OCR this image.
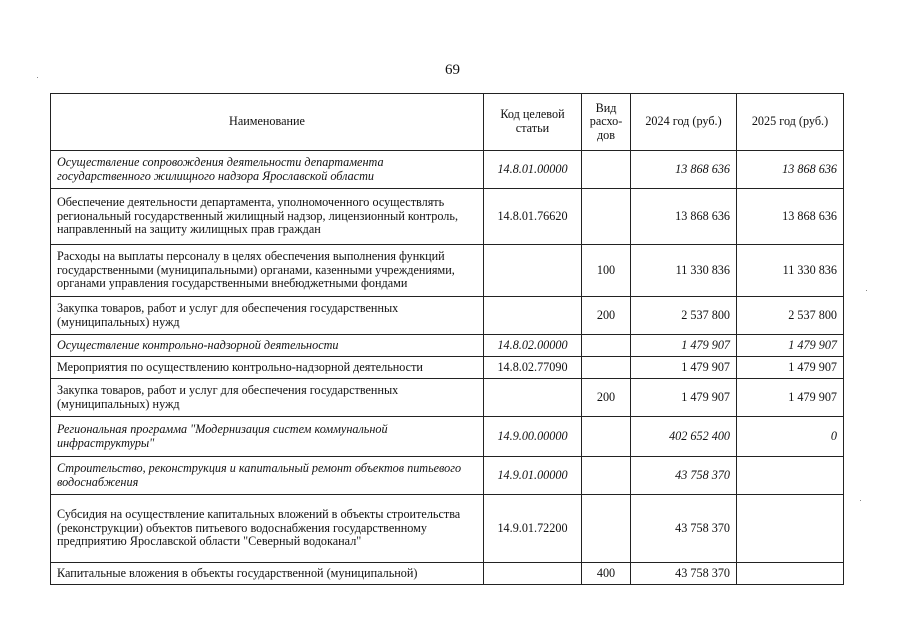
69
Наименование	Код целевой статьи	Вид расхо-дов	2024 год (руб.)	2025 год (руб.)
Осуществление сопровождения деятельности департамента государственного жилищного надзора Ярославской области	14.8.01.00000		13 868 636	13 868 636
Обеспечение деятельности департамента, уполномоченного осуществлять региональный государственный жилищный надзор, лицензионный контроль, направленный на защиту жилищных прав граждан	14.8.01.76620		13 868 636	13 868 636
Расходы на выплаты персоналу в целях обеспечения выполнения функций государственными (муниципальными) органами, казенными учреждениями, органами управления государственными внебюджетными фондами		100	11 330 836	11 330 836
Закупка товаров, работ и услуг для обеспечения государственных (муниципальных) нужд		200	2 537 800	2 537 800
Осуществление контрольно-надзорной деятельности	14.8.02.00000		1 479 907	1 479 907
Мероприятия по осуществлению контрольно-надзорной деятельности	14.8.02.77090		1 479 907	1 479 907
Закупка товаров, работ и услуг для обеспечения государственных (муниципальных) нужд		200	1 479 907	1 479 907
Региональная программа "Модернизация систем коммунальной инфраструктуры"	14.9.00.00000		402 652 400	0
Строительство, реконструкция и капитальный ремонт объектов питьевого водоснабжения	14.9.01.00000		43 758 370	
Субсидия на осуществление капитальных вложений в объекты строительства (реконструкции) объектов питьевого водоснабжения государственному предприятию Ярославской области "Северный водоканал"	14.9.01.72200		43 758 370	
Капитальные вложения в объекты государственной (муниципальной)		400	43 758 370	
